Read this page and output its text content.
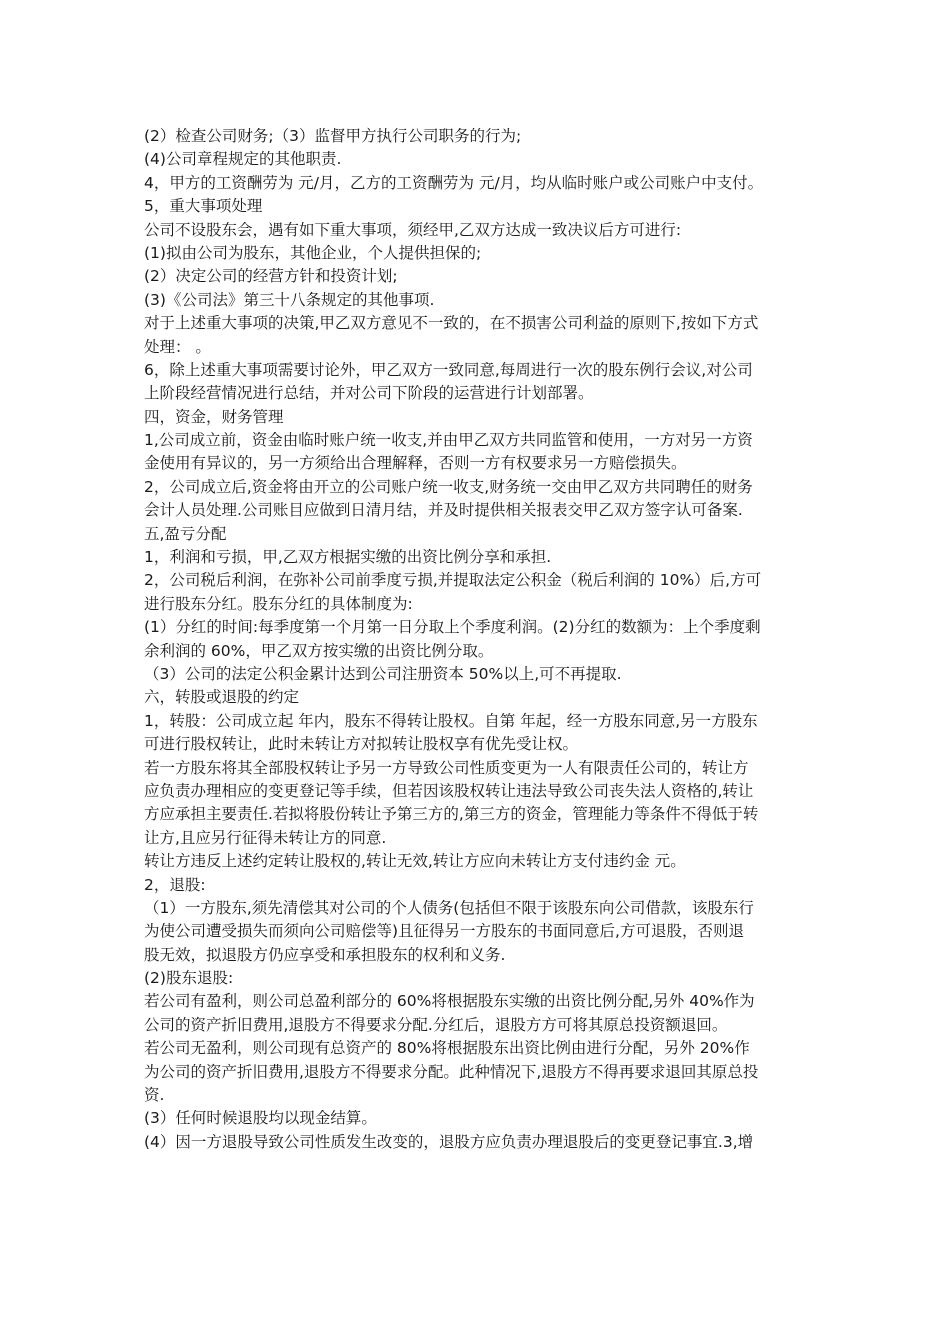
(2）检查公司财务;（3）监督甲方执行公司职务的行为;
(4)公司章程规定的其他职责.
4，甲方的工资酬劳为 元/月，乙方的工资酬劳为 元/月，均从临时账户或公司账户中支付。
5，重大事项处理
公司不设股东会，遇有如下重大事项，须经甲,乙双方达成一致决议后方可进行:
(1)拟由公司为股东，其他企业，个人提供担保的;
(2）决定公司的经营方针和投资计划;
(3)《公司法》第三十八条规定的其他事项.
对于上述重大事项的决策,甲乙双方意见不一致的，在不损害公司利益的原则下,按如下方式
处理： 。
6，除上述重大事项需要讨论外，甲乙双方一致同意,每周进行一次的股东例行会议,对公司
上阶段经营情况进行总结，并对公司下阶段的运营进行计划部署。
四，资金，财务管理
1,公司成立前，资金由临时账户统一收支,并由甲乙双方共同监管和使用，一方对另一方资
金使用有异议的，另一方须给出合理解释，否则一方有权要求另一方赔偿损失。
2，公司成立后,资金将由开立的公司账户统一收支,财务统一交由甲乙双方共同聘任的财务
会计人员处理.公司账目应做到日清月结，并及时提供相关报表交甲乙双方签字认可备案.
五,盈亏分配
1，利润和亏损，甲,乙双方根据实缴的出资比例分享和承担.
2，公司税后利润，在弥补公司前季度亏损,并提取法定公积金（税后利润的 10%）后,方可
进行股东分红。股东分红的具体制度为:
(1）分红的时间:每季度第一个月第一日分取上个季度利润。(2)分红的数额为：上个季度剩
余利润的 60%，甲乙双方按实缴的出资比例分取。
（3）公司的法定公积金累计达到公司注册资本 50%以上,可不再提取.
六，转股或退股的约定
1，转股：公司成立起 年内，股东不得转让股权。自第 年起，经一方股东同意,另一方股东
可进行股权转让，此时未转让方对拟转让股权享有优先受让权。
若一方股东将其全部股权转让予另一方导致公司性质变更为一人有限责任公司的，转让方
应负责办理相应的变更登记等手续，但若因该股权转让违法导致公司丧失法人资格的,转让
方应承担主要责任.若拟将股份转让予第三方的,第三方的资金，管理能力等条件不得低于转
让方,且应另行征得未转让方的同意.
转让方违反上述约定转让股权的,转让无效,转让方应向未转让方支付违约金 元。
2，退股:
（1）一方股东,须先清偿其对公司的个人债务(包括但不限于该股东向公司借款，该股东行
为使公司遭受损失而须向公司赔偿等)且征得另一方股东的书面同意后,方可退股，否则退
股无效，拟退股方仍应享受和承担股东的权利和义务.
(2)股东退股:
若公司有盈利，则公司总盈利部分的 60%将根据股东实缴的出资比例分配,另外 40%作为
公司的资产折旧费用,退股方不得要求分配.分红后，退股方方可将其原总投资额退回。
若公司无盈利，则公司现有总资产的 80%将根据股东出资比例由进行分配，另外 20%作
为公司的资产折旧费用,退股方不得要求分配。此种情况下,退股方不得再要求退回其原总投
资.
(3）任何时候退股均以现金结算。
(4）因一方退股导致公司性质发生改变的，退股方应负责办理退股后的变更登记事宜.3,增
